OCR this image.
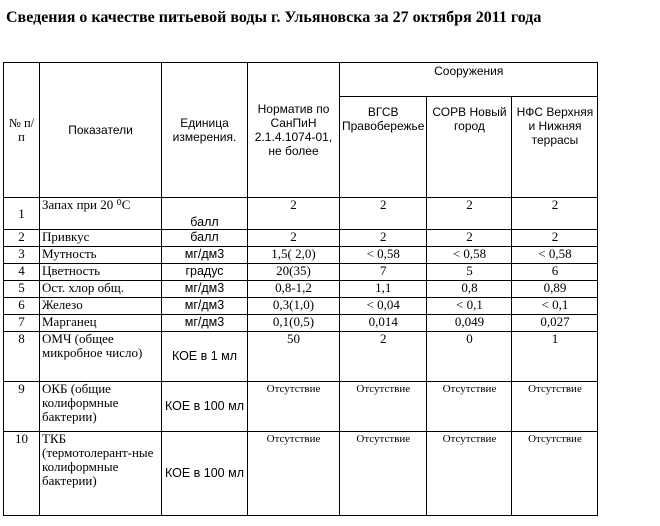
Сведения о качестве питьевой воды г. Ульяновска за 27 октября 2011 года
№ п/п	Показатели	Единица измерения.	Норматив по СанПиН 2.1.4.1074-01, не более	Сооружения		
				ВГСВ Правобережье	СОРВ Новый город	НФС Верхняя и Нижняя террасы
1	Запах при 20 ⁰С	балл	2	2	2	2
2	Привкус	балл	2	2	2	2
3	Мутность	мг/дм3	1,5( 2,0)	< 0,58	< 0,58	< 0,58
4	Цветность	градус	20(35)	7	5	6
5	Ост. хлор общ.	мг/дм3	0,8-1,2	1,1	0,8	0,89
6	Железо	мг/дм3	0,3(1,0)	< 0,04	< 0,1	< 0,1
7	Марганец	мг/дм3	0,1(0,5)	0,014	0,049	0,027
8	ОМЧ (общее микробное число)	КОЕ в 1 мл	50	2	0	1
9	ОКБ (общие колиформные бактерии)	КОЕ в 100 мл	Отсутствие	Отсутствие	Отсутствие	Отсутствие
10	ТКБ (термотолерант-ные колиформные бактерии)	КОЕ в 100 мл	Отсутствие	Отсутствие	Отсутствие	Отсутствие
